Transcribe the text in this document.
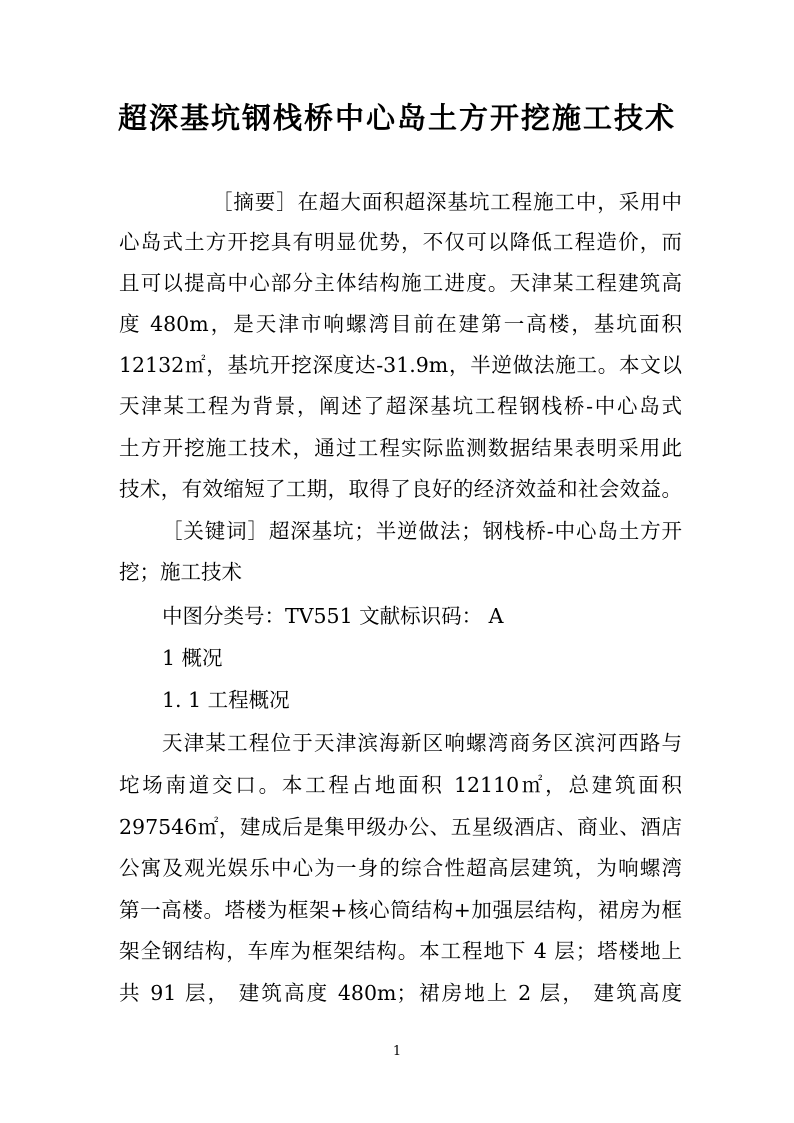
超深基坑钢栈桥中心岛土方开挖施工技术
［摘要］在超大面积超深基坑工程施工中，采用中
心岛式土方开挖具有明显优势，不仅可以降低工程造价，而
且可以提高中心部分主体结构施工进度。天津某工程建筑高
度 480m，是天津市响螺湾目前在建第一高楼，基坑面积
12132㎡，基坑开挖深度达-31.9m，半逆做法施工。本文以
天津某工程为背景，阐述了超深基坑工程钢栈桥-中心岛式
土方开挖施工技术，通过工程实际监测数据结果表明采用此
技术，有效缩短了工期，取得了良好的经济效益和社会效益。
［关键词］超深基坑；半逆做法；钢栈桥-中心岛土方开
挖；施工技术
中图分类号：TV551 文献标识码： A
1 概况
1. 1 工程概况
天津某工程位于天津滨海新区响螺湾商务区滨河西路与
坨场南道交口。本工程占地面积 12110㎡，总建筑面积
297546㎡，建成后是集甲级办公、五星级酒店、商业、酒店
公寓及观光娱乐中心为一身的综合性超高层建筑，为响螺湾
第一高楼。塔楼为框架+核心筒结构+加强层结构，裙房为框
架全钢结构，车库为框架结构。本工程地下 4 层；塔楼地上
共 91 层， 建筑高度 480m；裙房地上 2 层， 建筑高度
1
